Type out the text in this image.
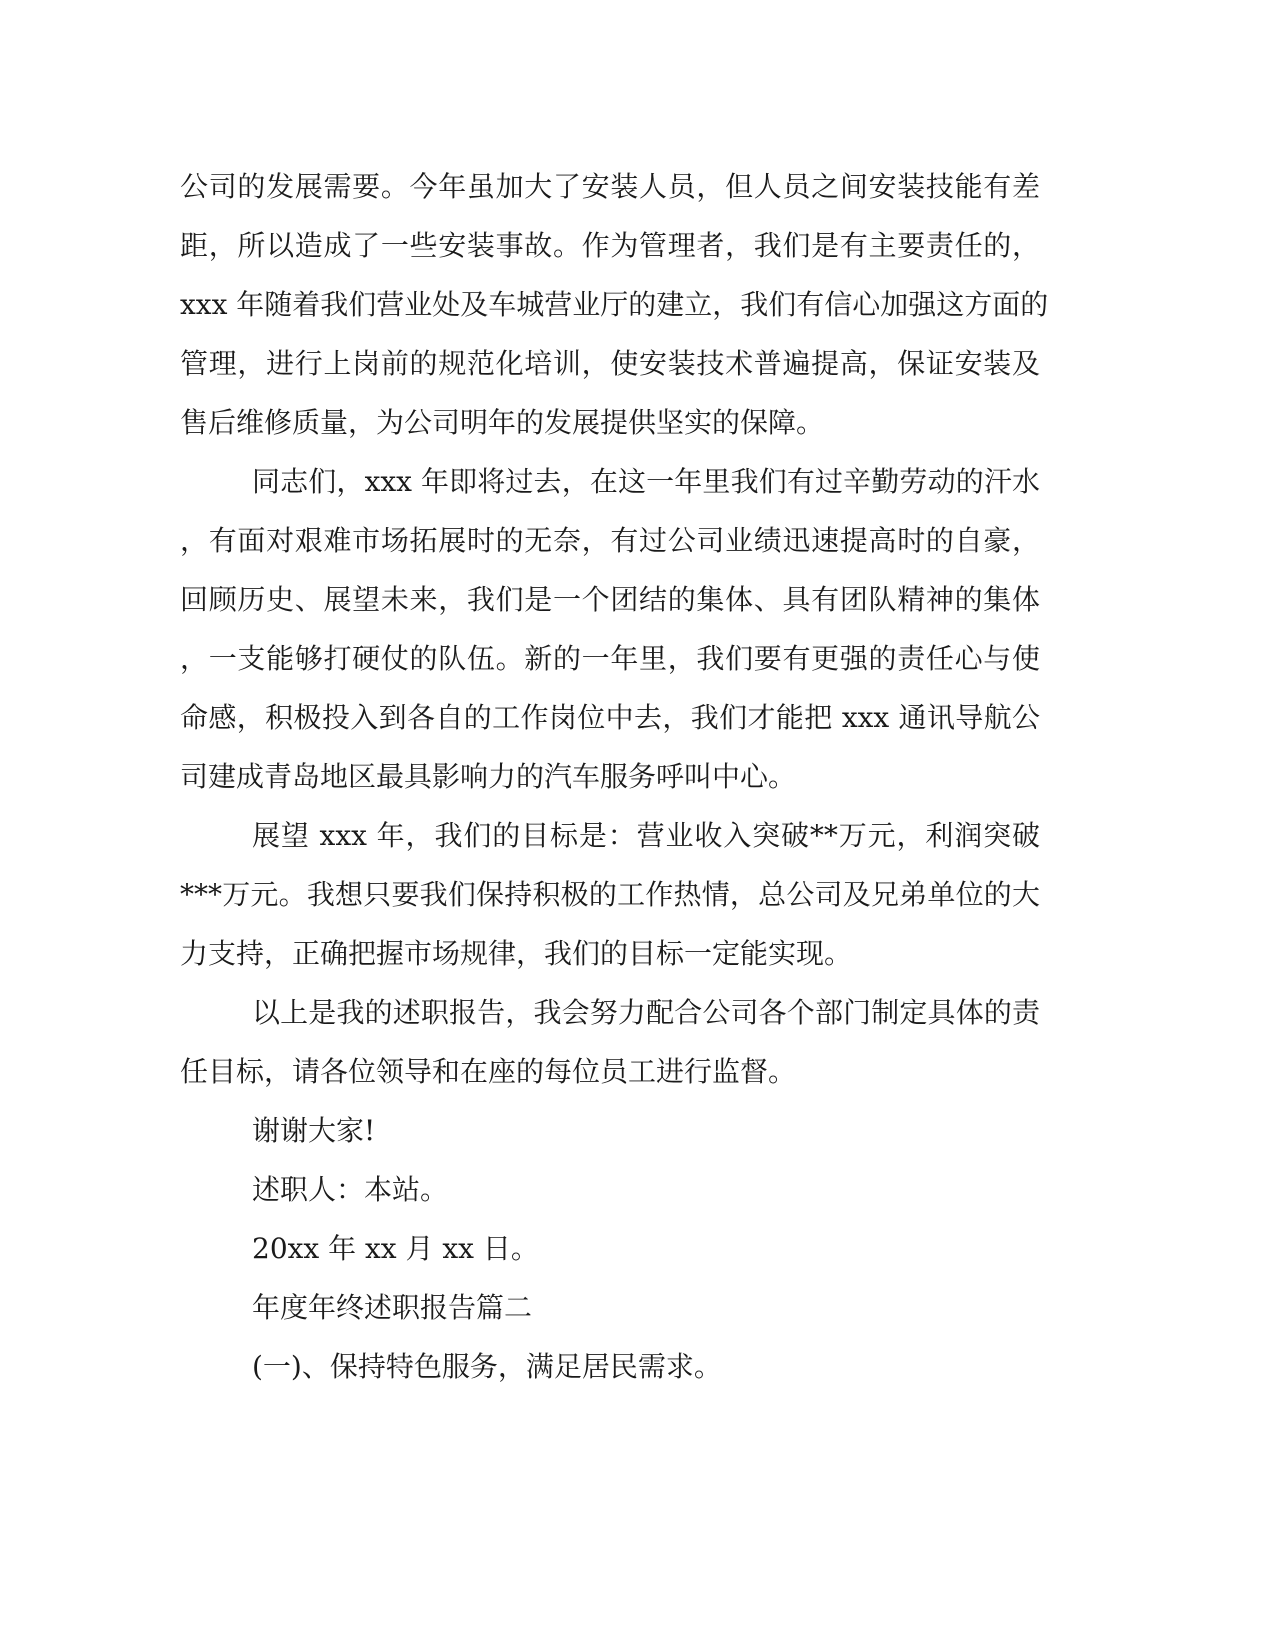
公司的发展需要。今年虽加大了安装人员，但人员之间安装技能有差
距，所以造成了一些安装事故。作为管理者，我们是有主要责任的，
xxx 年随着我们营业处及车城营业厅的建立，我们有信心加强这方面的
管理，进行上岗前的规范化培训，使安装技术普遍提高，保证安装及
售后维修质量，为公司明年的发展提供坚实的保障。
同志们，xxx 年即将过去，在这一年里我们有过辛勤劳动的汗水
，有面对艰难市场拓展时的无奈，有过公司业绩迅速提高时的自豪，
回顾历史、展望未来，我们是一个团结的集体、具有团队精神的集体
，一支能够打硬仗的队伍。新的一年里，我们要有更强的责任心与使
命感，积极投入到各自的工作岗位中去，我们才能把 xxx 通讯导航公
司建成青岛地区最具影响力的汽车服务呼叫中心。
展望 xxx 年，我们的目标是：营业收入突破**万元，利润突破
***万元。我想只要我们保持积极的工作热情，总公司及兄弟单位的大
力支持，正确把握市场规律，我们的目标一定能实现。
以上是我的述职报告，我会努力配合公司各个部门制定具体的责
任目标，请各位领导和在座的每位员工进行监督。
谢谢大家!
述职人：本站。
20xx 年 xx 月 xx 日。
年度年终述职报告篇二
(一)、保持特色服务，满足居民需求。
